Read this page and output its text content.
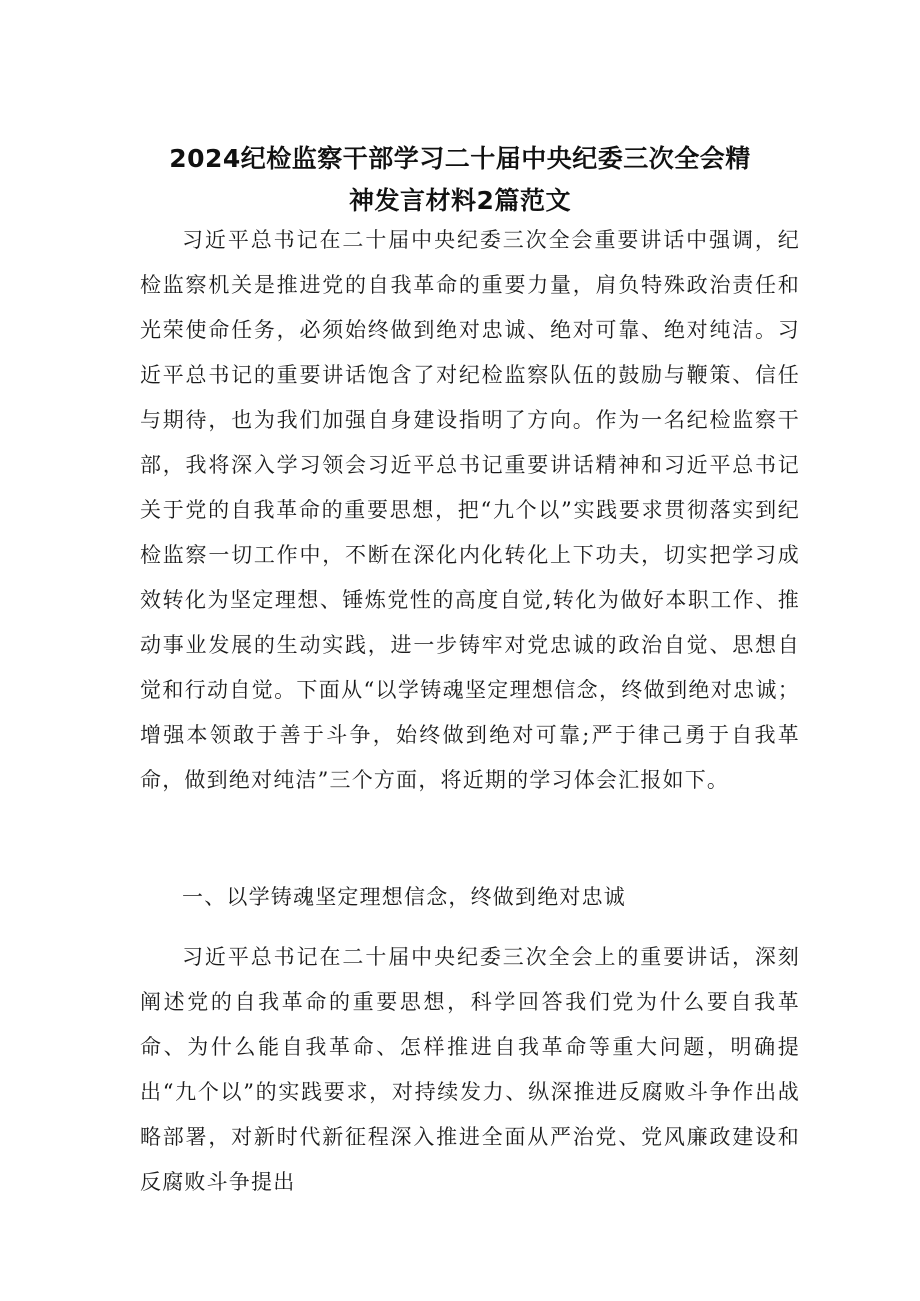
2024纪检监察干部学习二十届中央纪委三次全会精
神发言材料2篇范文

习近平总书记在二十届中央纪委三次全会重要讲话中强调，纪检监察机关是推进党的自我革命的重要力量，肩负特殊政治责任和光荣使命任务，必须始终做到绝对忠诚、绝对可靠、绝对纯洁。习近平总书记的重要讲话饱含了对纪检监察队伍的鼓励与鞭策、信任与期待，也为我们加强自身建设指明了方向。作为一名纪检监察干部，我将深入学习领会习近平总书记重要讲话精神和习近平总书记关于党的自我革命的重要思想，把“九个以”实践要求贯彻落实到纪检监察一切工作中，不断在深化内化转化上下功夫，切实把学习成效转化为坚定理想、锤炼党性的高度自觉,转化为做好本职工作、推动事业发展的生动实践，进一步铸牢对党忠诚的政治自觉、思想自觉和行动自觉。下面从“以学铸魂坚定理想信念，终做到绝对忠诚；增强本领敢于善于斗争，始终做到绝对可靠;严于律己勇于自我革命，做到绝对纯洁”三个方面，将近期的学习体会汇报如下。

一、以学铸魂坚定理想信念，终做到绝对忠诚

习近平总书记在二十届中央纪委三次全会上的重要讲话，深刻阐述党的自我革命的重要思想，科学回答我们党为什么要自我革命、为什么能自我革命、怎样推进自我革命等重大问题，明确提出“九个以”的实践要求，对持续发力、纵深推进反腐败斗争作出战略部署，对新时代新征程深入推进全面从严治党、党风廉政建设和反腐败斗争提出
